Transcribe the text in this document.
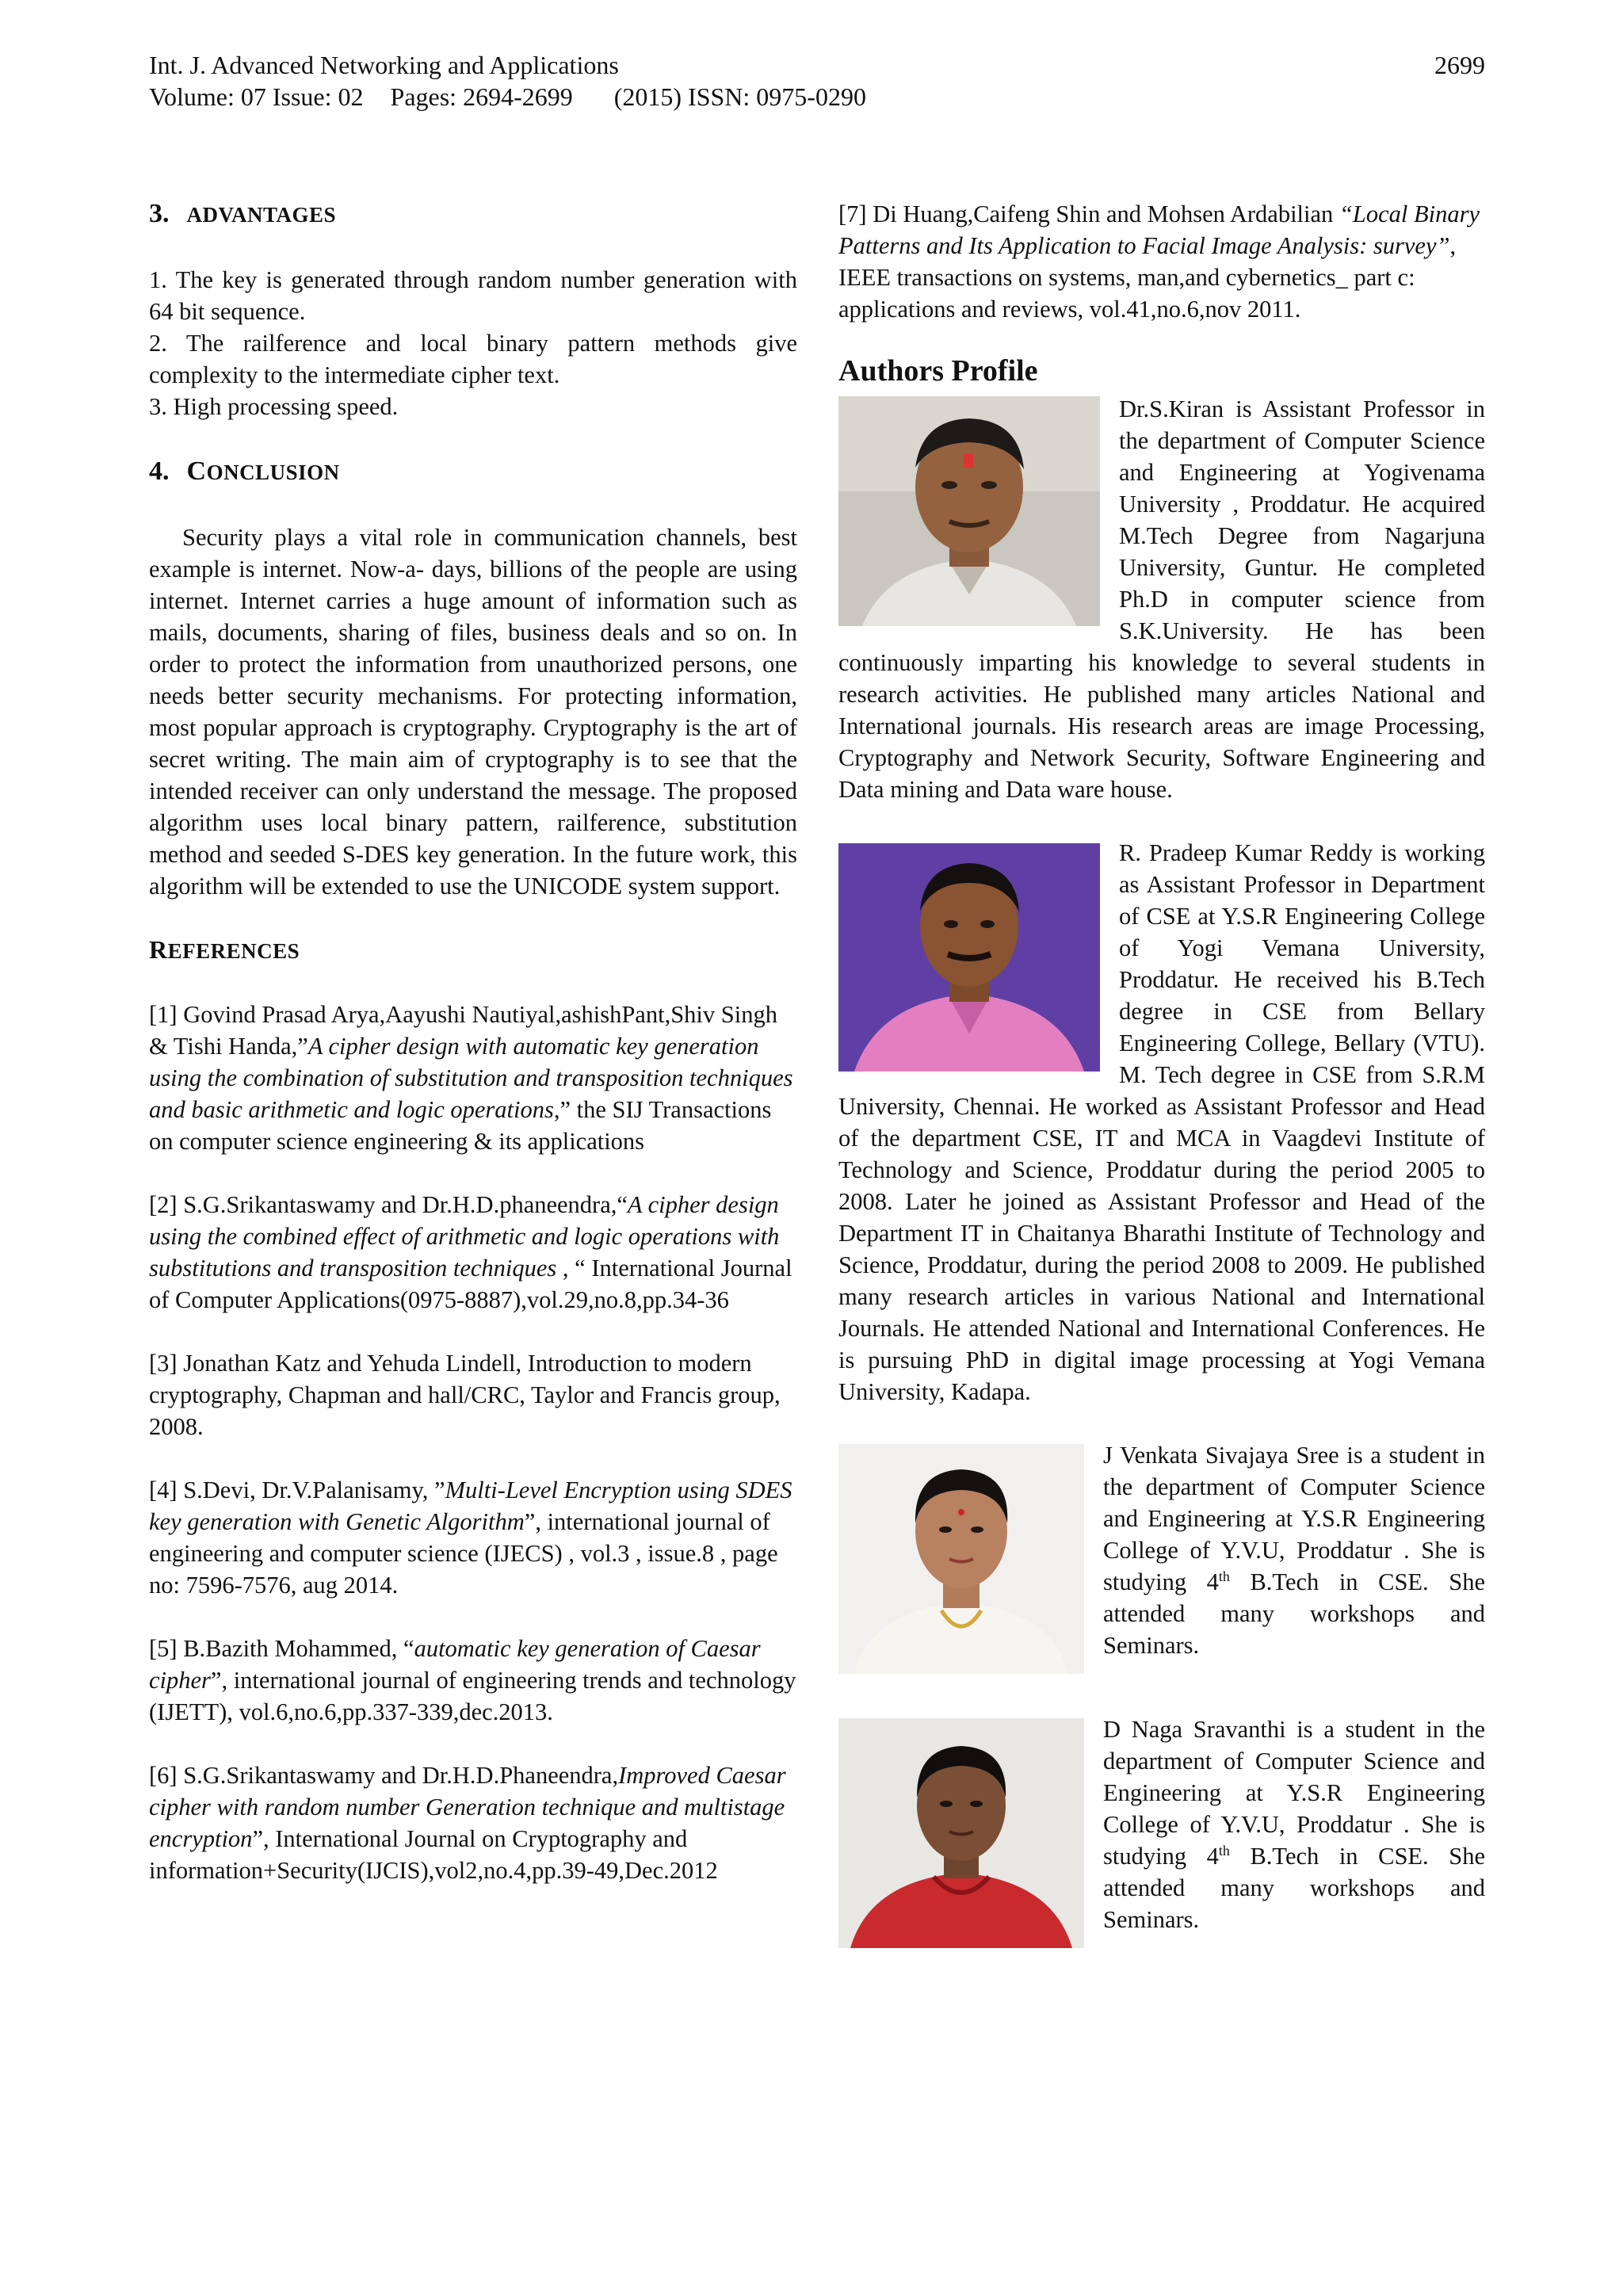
Int. J. Advanced Networking and Applications	2699
Volume: 07 Issue: 02 Pages: 2694-2699 (2015) ISSN: 0975-0290
3. ADVANTAGES

1. The key is generated through random number generation with 64 bit sequence.

2. The railference and local binary pattern methods give complexity to the intermediate cipher text.

3. High processing speed.

4. CONCLUSION

Security plays a vital role in communication channels, best example is internet. Now-a- days, billions of the people are using internet. Internet carries a huge amount of information such as mails, documents, sharing of files, business deals and so on. In order to protect the information from unauthorized persons, one needs better security mechanisms. For protecting information, most popular approach is cryptography. Cryptography is the art of secret writing. The main aim of cryptography is to see that the intended receiver can only understand the message. The proposed algorithm uses local binary pattern, railference, substitution method and seeded S-DES key generation. In the future work, this algorithm will be extended to use the UNICODE system support.

REFERENCES

[1] Govind Prasad Arya,Aayushi Nautiyal,ashishPant,Shiv Singh & Tishi Handa,”A cipher design with automatic key generation using the combination of substitution and transposition techniques and basic arithmetic and logic operations,” the SIJ Transactions on computer science engineering & its applications

[2] S.G.Srikantaswamy and Dr.H.D.phaneendra,“A cipher design using the combined effect of arithmetic and logic operations with substitutions and transposition techniques , “ International Journal of Computer Applications(0975-8887),vol.29,no.8,pp.34-36

[3] Jonathan Katz and Yehuda Lindell, Introduction to modern cryptography, Chapman and hall/CRC, Taylor and Francis group, 2008.

[4] S.Devi, Dr.V.Palanisamy, ”Multi-Level Encryption using SDES key generation with Genetic Algorithm”, international journal of engineering and computer science (IJECS) , vol.3 , issue.8 , page no: 7596-7576, aug 2014.

[5] B.Bazith Mohammed, “automatic key generation of Caesar cipher”, international journal of engineering trends and technology (IJETT), vol.6,no.6,pp.337-339,dec.2013.

[6] S.G.Srikantaswamy and Dr.H.D.Phaneendra,Improved Caesar cipher with random number Generation technique and multistage encryption”, International Journal on Cryptography and information+Security(IJCIS),vol2,no.4,pp.39-49,Dec.2012

[7] Di Huang,Caifeng Shin and Mohsen Ardabilian “Local Binary Patterns and Its Application to Facial Image Analysis: survey”, IEEE transactions on systems, man,and cybernetics_ part c: applications and reviews, vol.41,no.6,nov 2011.

Authors Profile

Dr.S.Kiran is Assistant Professor in the department of Computer Science and Engineering at Yogivenama University , Proddatur. He acquired M.Tech Degree from Nagarjuna University, Guntur. He completed Ph.D in computer science from S.K.University. He has been continuously imparting his knowledge to several students in research activities. He published many articles National and International journals. His research areas are image Processing, Cryptography and Network Security, Software Engineering and Data mining and Data ware house.

R. Pradeep Kumar Reddy is working as Assistant Professor in Department of CSE at Y.S.R Engineering College of Yogi Vemana University, Proddatur. He received his B.Tech degree in CSE from Bellary Engineering College, Bellary (VTU). M. Tech degree in CSE from S.R.M University, Chennai. He worked as Assistant Professor and Head of the department CSE, IT and MCA in Vaagdevi Institute of Technology and Science, Proddatur during the period 2005 to 2008. Later he joined as Assistant Professor and Head of the Department IT in Chaitanya Bharathi Institute of Technology and Science, Proddatur, during the period 2008 to 2009. He published many research articles in various National and International Journals. He attended National and International Conferences. He is pursuing PhD in digital image processing at Yogi Vemana University, Kadapa.

J Venkata Sivajaya Sree is a student in the department of Computer Science and Engineering at Y.S.R Engineering College of Y.V.U, Proddatur . She is studying 4th B.Tech in CSE. She attended many workshops and Seminars.

D Naga Sravanthi is a student in the department of Computer Science and Engineering at Y.S.R Engineering College of Y.V.U, Proddatur . She is studying 4th B.Tech in CSE. She attended many workshops and Seminars.
